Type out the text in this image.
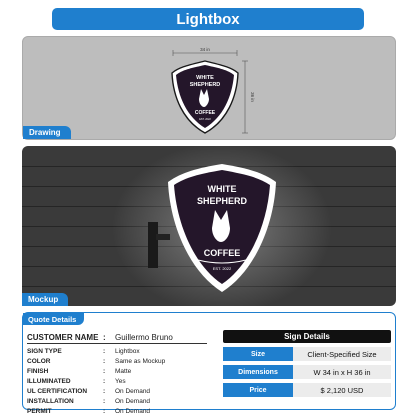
Lightbox
34 in
36 in
WHITE
SHEPHERD
COFFEE
EST. 2022
Drawing
WHITE
SHEPHERD
COFFEE
EST. 2022
Mockup
Quote Details
CUSTOMER NAME :	Guillermo Bruno
SIGN TYPE	:	Lightbox
COLOR	:	Same as Mockup
FINISH	:	Matte
ILLUMINATED	:	Yes
UL CERTIFICATION	:	On Demand
INSTALLATION	:	On Demand
PERMIT	:	On Demand
Sign Details
Size	Client-Specified Size
Dimensions	W 34 in x H 36 in
Price	$ 2,120 USD
